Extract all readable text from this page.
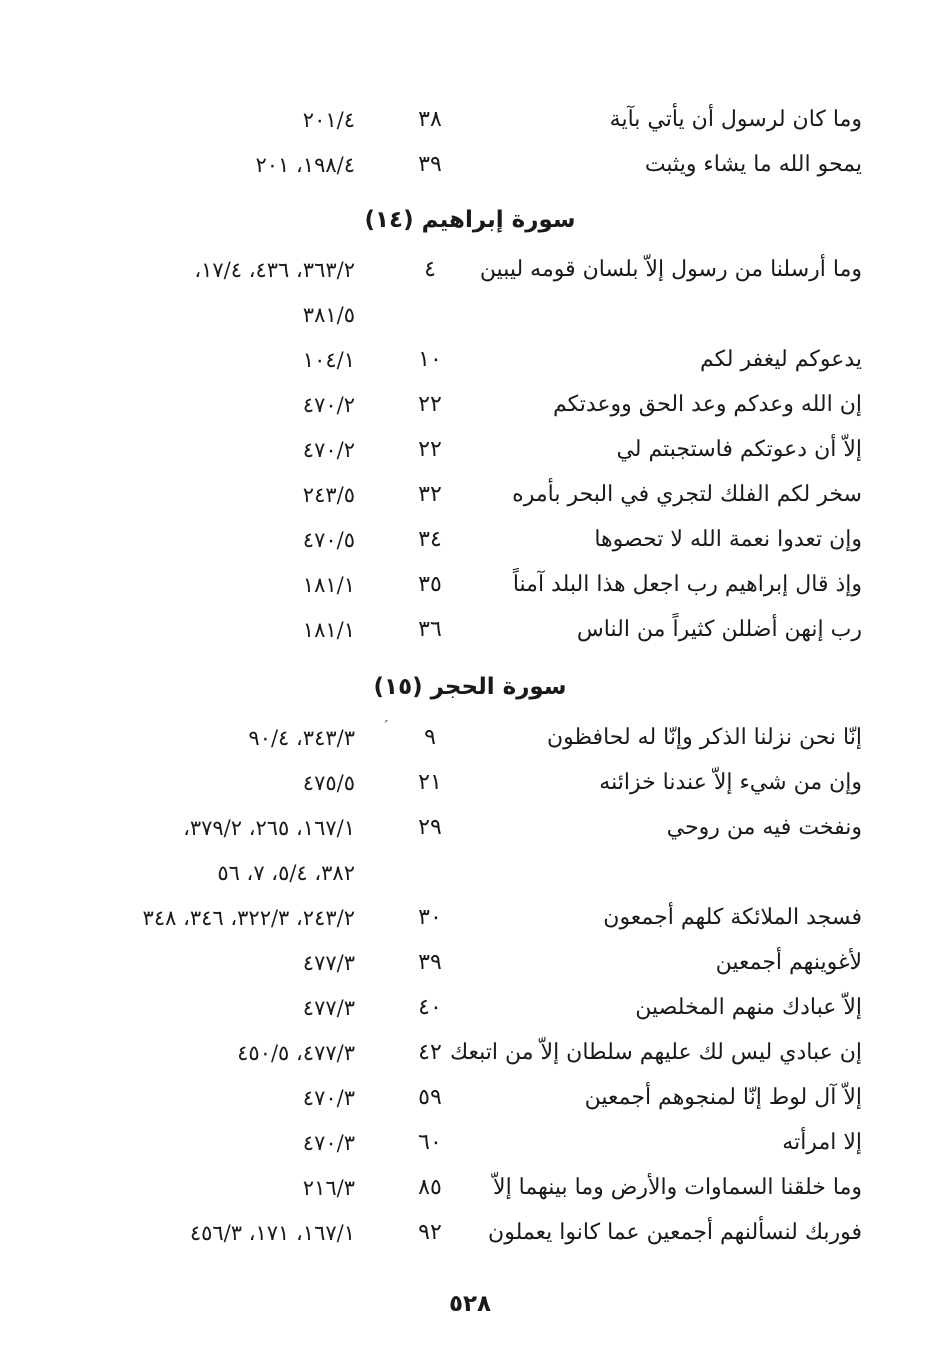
وما كان لرسول أن يأتي بآية
٣٨
٢٠١/٤
يمحو الله ما يشاء ويثبت
٣٩
١٩٨/٤، ٢٠١
سورة إبراهيم (١٤)
وما أرسلنا من رسول إلاّ بلسان قومه ليبين
٤
٣٦٣/٢، ٤٣٦، ١٧/٤،
٣٨١/٥
يدعوكم ليغفر لكم
١٠
١٠٤/١
إن الله وعدكم وعد الحق ووعدتكم
٢٢
٤٧٠/٢
إلاّ أن دعوتكم فاستجبتم لي
٢٢
٤٧٠/٢
سخر لكم الفلك لتجري في البحر بأمره
٣٢
٢٤٣/٥
وإن تعدوا نعمة الله لا تحصوها
٣٤
٤٧٠/٥
وإذ قال إبراهيم رب اجعل هذا البلد آمناً
٣٥
١٨١/١
رب إنهن أضللن كثيراً من الناس
٣٦
١٨١/١
سورة الحجر (١٥)
إنّا نحن نزلنا الذكر وإنّا له لحافظون
٩
٣٤٣/٣، ٩٠/٤
وإن من شيء إلاّ عندنا خزائنه
٢١
٤٧٥/٥
ونفخت فيه من روحي
٢٩
١٦٧/١، ٢٦٥، ٣٧٩/٢،
٣٨٢، ٥/٤، ٧، ٥٦
فسجد الملائكة كلهم أجمعون
٣٠
٢٤٣/٢، ٣٢٢/٣، ٣٤٦، ٣٤٨
لأغوينهم أجمعين
٣٩
٤٧٧/٣
إلاّ عبادك منهم المخلصين
٤٠
٤٧٧/٣
إن عبادي ليس لك عليهم سلطان إلاّ من اتبعك
٤٢
٤٧٧/٣، ٤٥٠/٥
إلاّ آل لوط إنّا لمنجوهم أجمعين
٥٩
٤٧٠/٣
إلا امرأته
٦٠
٤٧٠/٣
وما خلقنا السماوات والأرض وما بينهما إلاّ
٨٥
٢١٦/٣
فوربك لنسألنهم أجمعين عما كانوا يعملون
٩٢
١٦٧/١، ١٧١، ٤٥٦/٣
ˊ
٥٢٨
